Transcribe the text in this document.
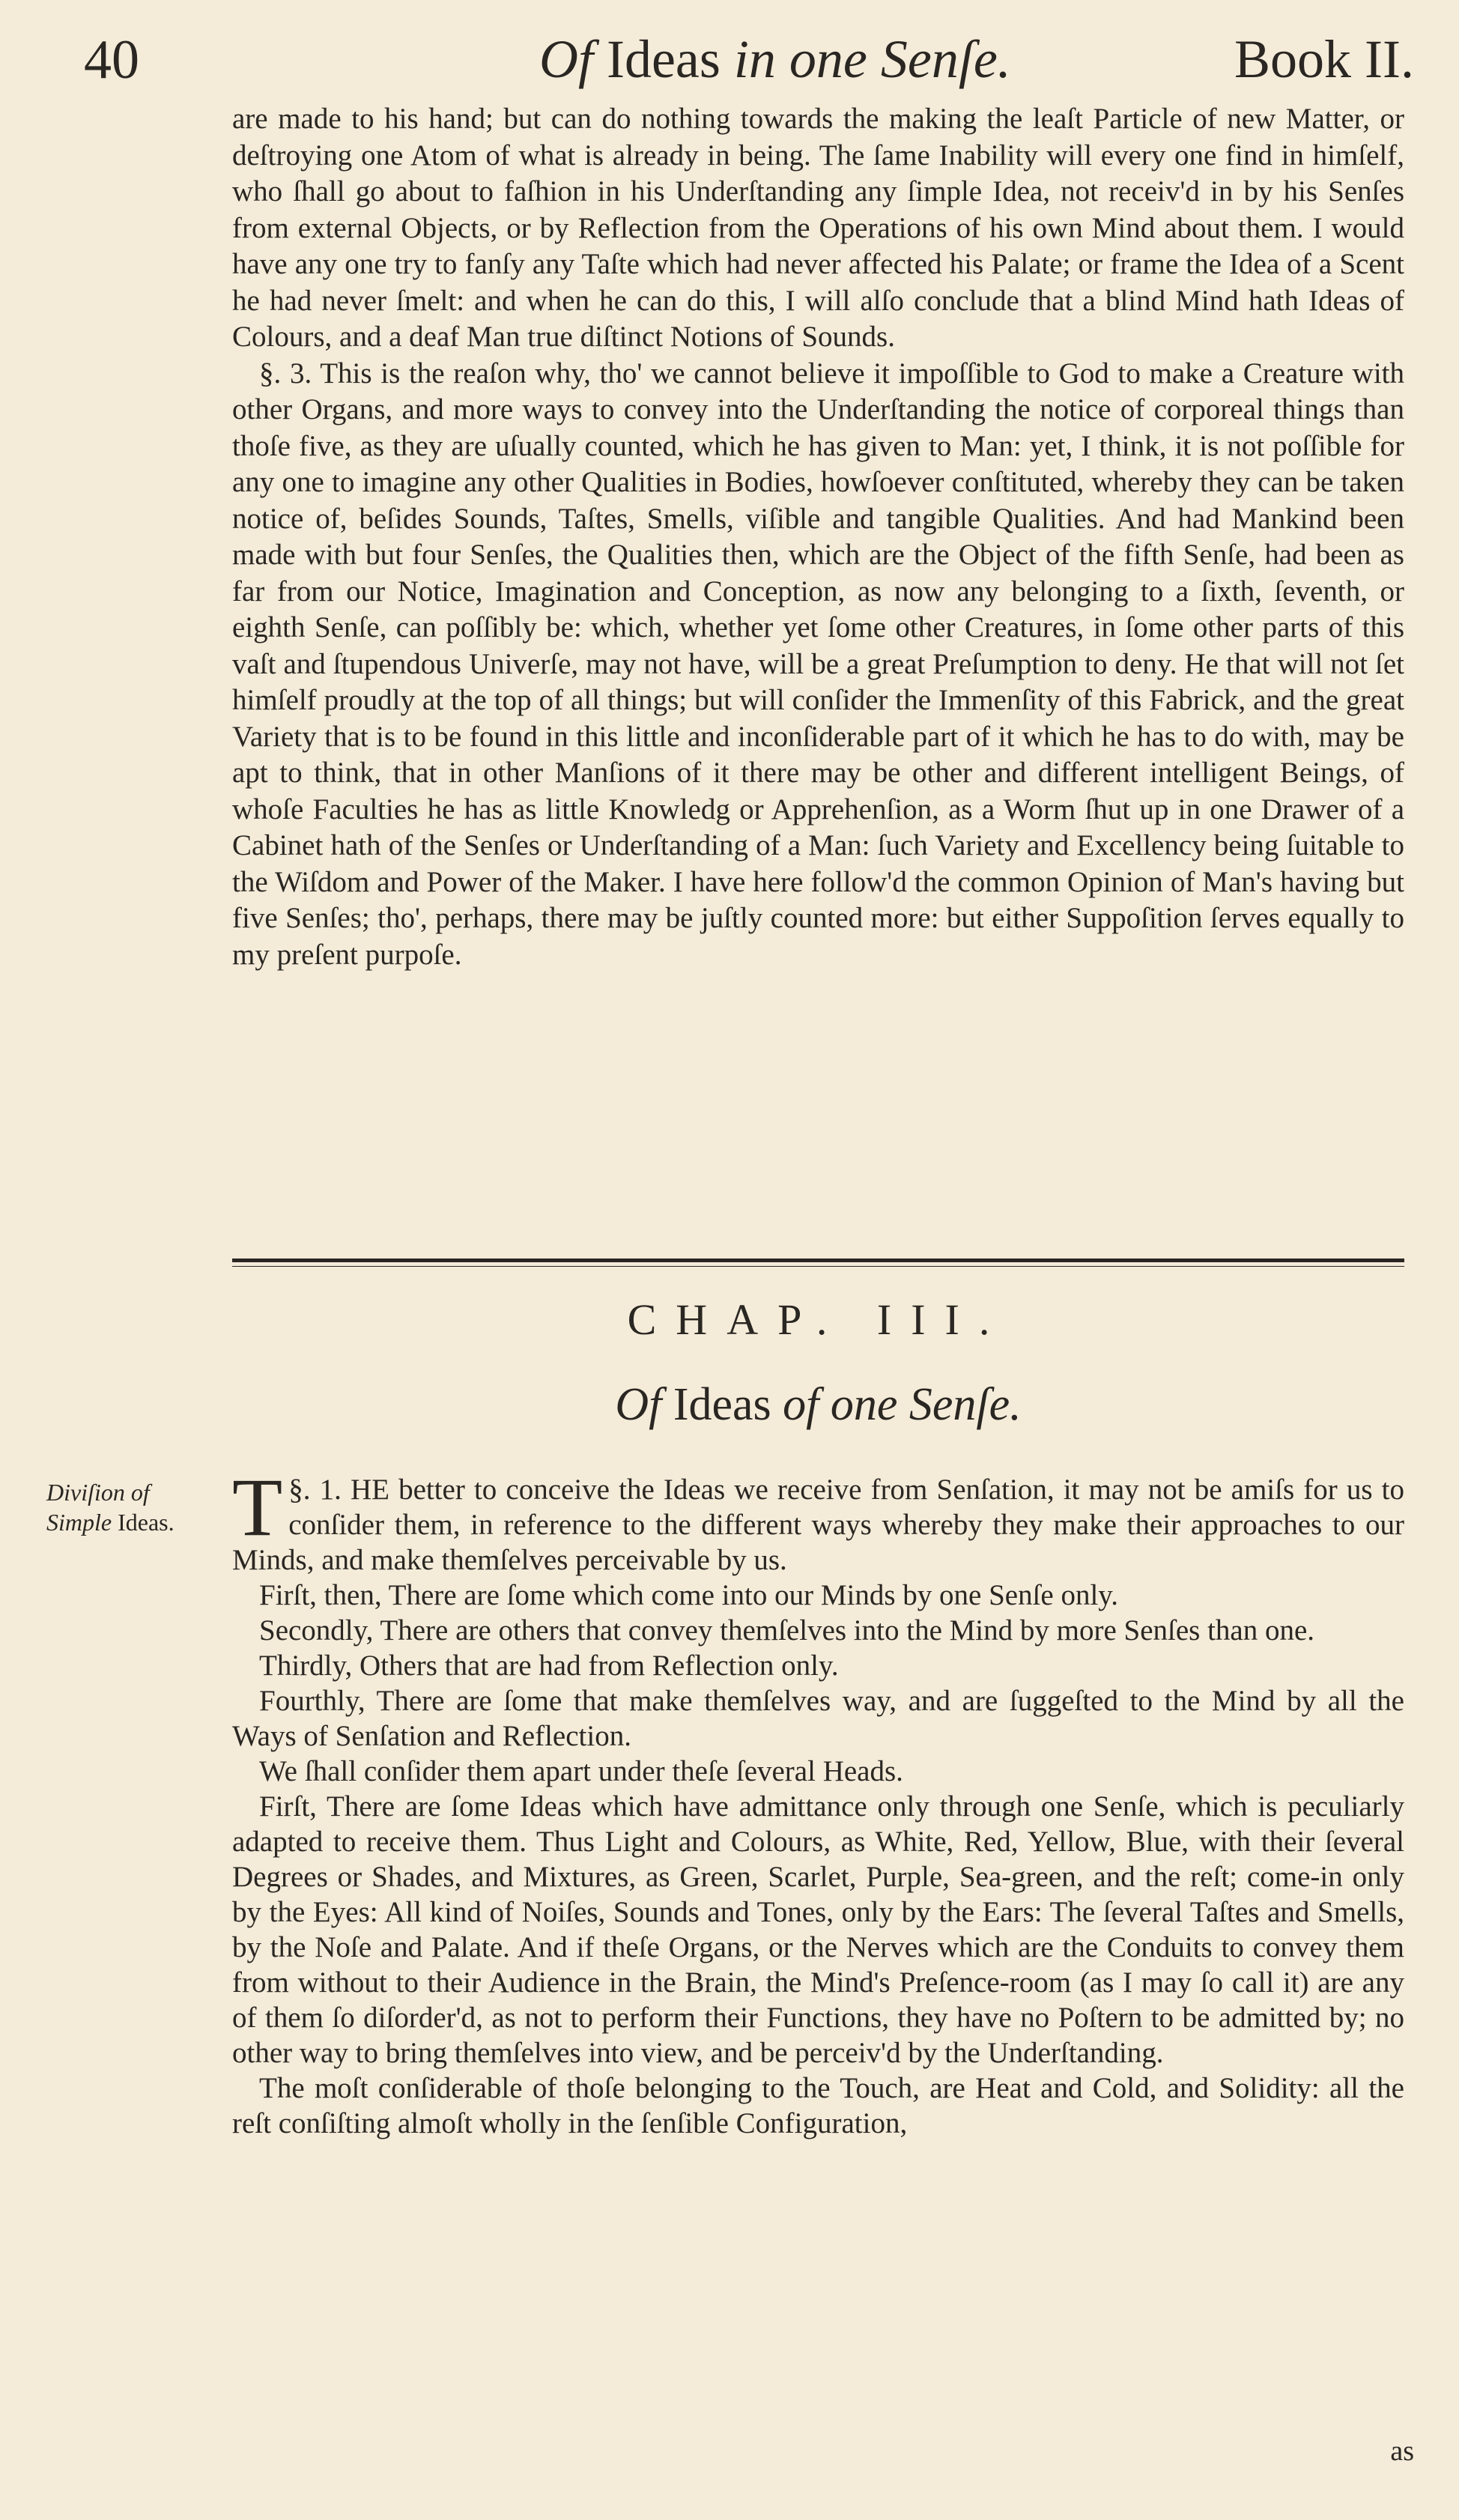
40	Of Ideas in one Senſe.	Book II.

are made to his hand; but can do nothing towards the making the leaſt Particle of new Matter, or deſtroying one Atom of what is already in being. The ſame Inability will every one find in himſelf, who ſhall go about to faſhion in his Underſtanding any ſimple Idea, not receiv'd in by his Senſes from external Objects, or by Reflection from the Operations of his own Mind about them. I would have any one try to fanſy any Taſte which had never affected his Palate; or frame the Idea of a Scent he had never ſmelt: and when he can do this, I will alſo conclude that a blind Mind hath Ideas of Colours, and a deaf Man true diſtinct Notions of Sounds.

§. 3. This is the reaſon why, tho' we cannot believe it impoſſible to God to make a Creature with other Organs, and more ways to convey into the Underſtanding the notice of corporeal things than thoſe five, as they are uſually counted, which he has given to Man: yet, I think, it is not poſſible for any one to imagine any other Qualities in Bodies, howſoever conſtituted, whereby they can be taken notice of, beſides Sounds, Taſtes, Smells, viſible and tangible Qualities. And had Mankind been made with but four Senſes, the Qualities then, which are the Object of the fifth Senſe, had been as far from our Notice, Imagination and Conception, as now any belonging to a ſixth, ſeventh, or eighth Senſe, can poſſibly be: which, whether yet ſome other Creatures, in ſome other parts of this vaſt and ſtupendous Univerſe, may not have, will be a great Preſumption to deny. He that will not ſet himſelf proudly at the top of all things; but will conſider the Immenſity of this Fabrick, and the great Variety that is to be found in this little and inconſiderable part of it which he has to do with, may be apt to think, that in other Manſions of it there may be other and different intelligent Beings, of whoſe Faculties he has as little Knowledg or Apprehenſion, as a Worm ſhut up in one Drawer of a Cabinet hath of the Senſes or Underſtanding of a Man: ſuch Variety and Excellency being ſuitable to the Wiſdom and Power of the Maker. I have here follow'd the common Opinion of Man's having but five Senſes; tho', perhaps, there may be juſtly counted more: but either Suppoſition ſerves equally to my preſent purpoſe.

CHAP. III.
Of Ideas of one Senſe.
Diviſion of
Simple Ideas.

§. 1.
T HE better to conceive the Ideas we receive from Senſation, it may not be amiſs for us to conſider them, in reference to the different ways whereby they make their approaches to our Minds, and make themſelves perceivable by us.

Firſt, then, There are ſome which come into our Minds by one Senſe only.

Secondly, There are others that convey themſelves into the Mind by more Senſes than one.

Thirdly, Others that are had from Reflection only.

Fourthly, There are ſome that make themſelves way, and are ſuggeſted to the Mind by all the Ways of Senſation and Reflection.

We ſhall conſider them apart under theſe ſeveral Heads.

Firſt, There are ſome Ideas which have admittance only through one Senſe, which is peculiarly adapted to receive them. Thus Light and Colours, as White, Red, Yellow, Blue, with their ſeveral Degrees or Shades, and Mixtures, as Green, Scarlet, Purple, Sea-green, and the reſt; come-in only by the Eyes: All kind of Noiſes, Sounds and Tones, only by the Ears: The ſeveral Taſtes and Smells, by the Noſe and Palate. And if theſe Organs, or the Nerves which are the Conduits to convey them from without to their Audience in the Brain, the Mind's Preſence-room (as I may ſo call it) are any of them ſo diſorder'd, as not to perform their Functions, they have no Poſtern to be admitted by; no other way to bring themſelves into view, and be perceiv'd by the Underſtanding.

The moſt conſiderable of thoſe belonging to the Touch, are Heat and Cold, and Solidity: all the reſt conſiſting almoſt wholly in the ſenſible Configuration,

as
